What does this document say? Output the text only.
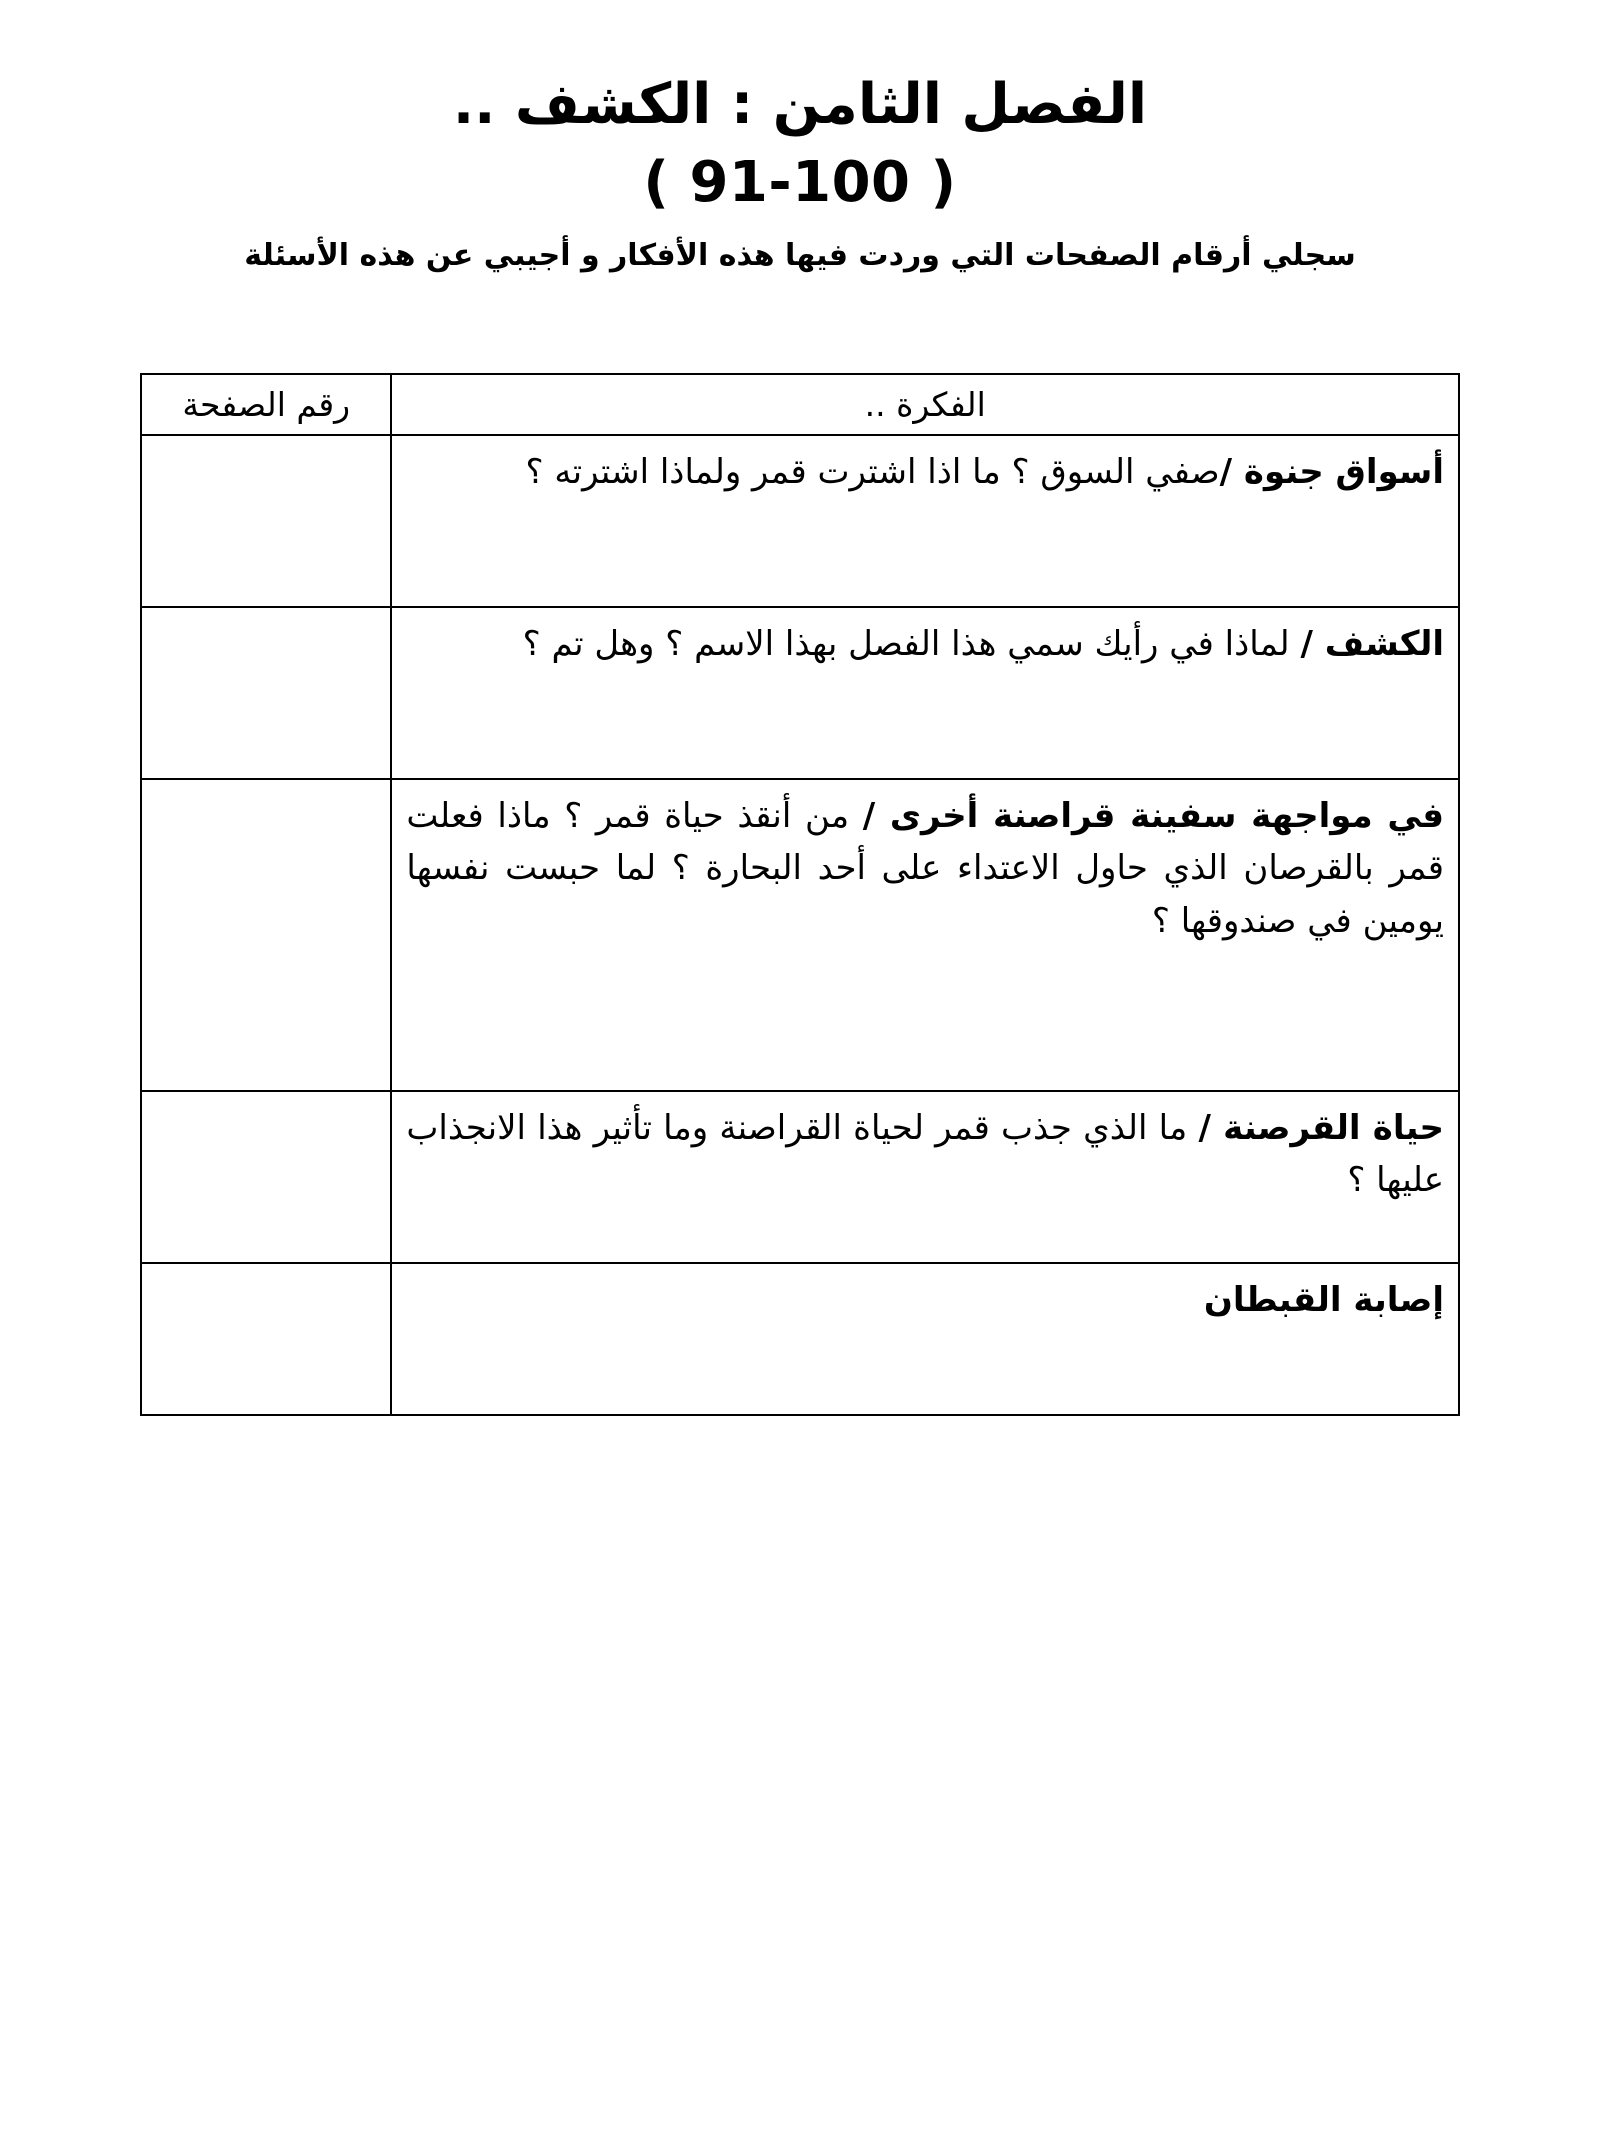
الفصل الثامن : الكشف ..
( 91-100 )

سجلي أرقام الصفحات التي وردت فيها هذه الأفكار و أجيبي عن هذه الأسئلة

الفكرة ..	رقم الصفحة
أسواق جنوة /صفي السوق ؟ ما اذا اشترت قمر ولماذا اشترته ؟	
الكشف / لماذا في رأيك سمي هذا الفصل بهذا الاسم ؟ وهل تم ؟	
في مواجهة سفينة قراصنة أخرى / من أنقذ حياة قمر ؟ ماذا فعلت قمر بالقرصان الذي حاول الاعتداء على أحد البحارة ؟ لما حبست نفسها يومين في صندوقها ؟	
حياة القرصنة / ما الذي جذب قمر لحياة القراصنة وما تأثير هذا الانجذاب عليها ؟	
إصابة القبطان	
